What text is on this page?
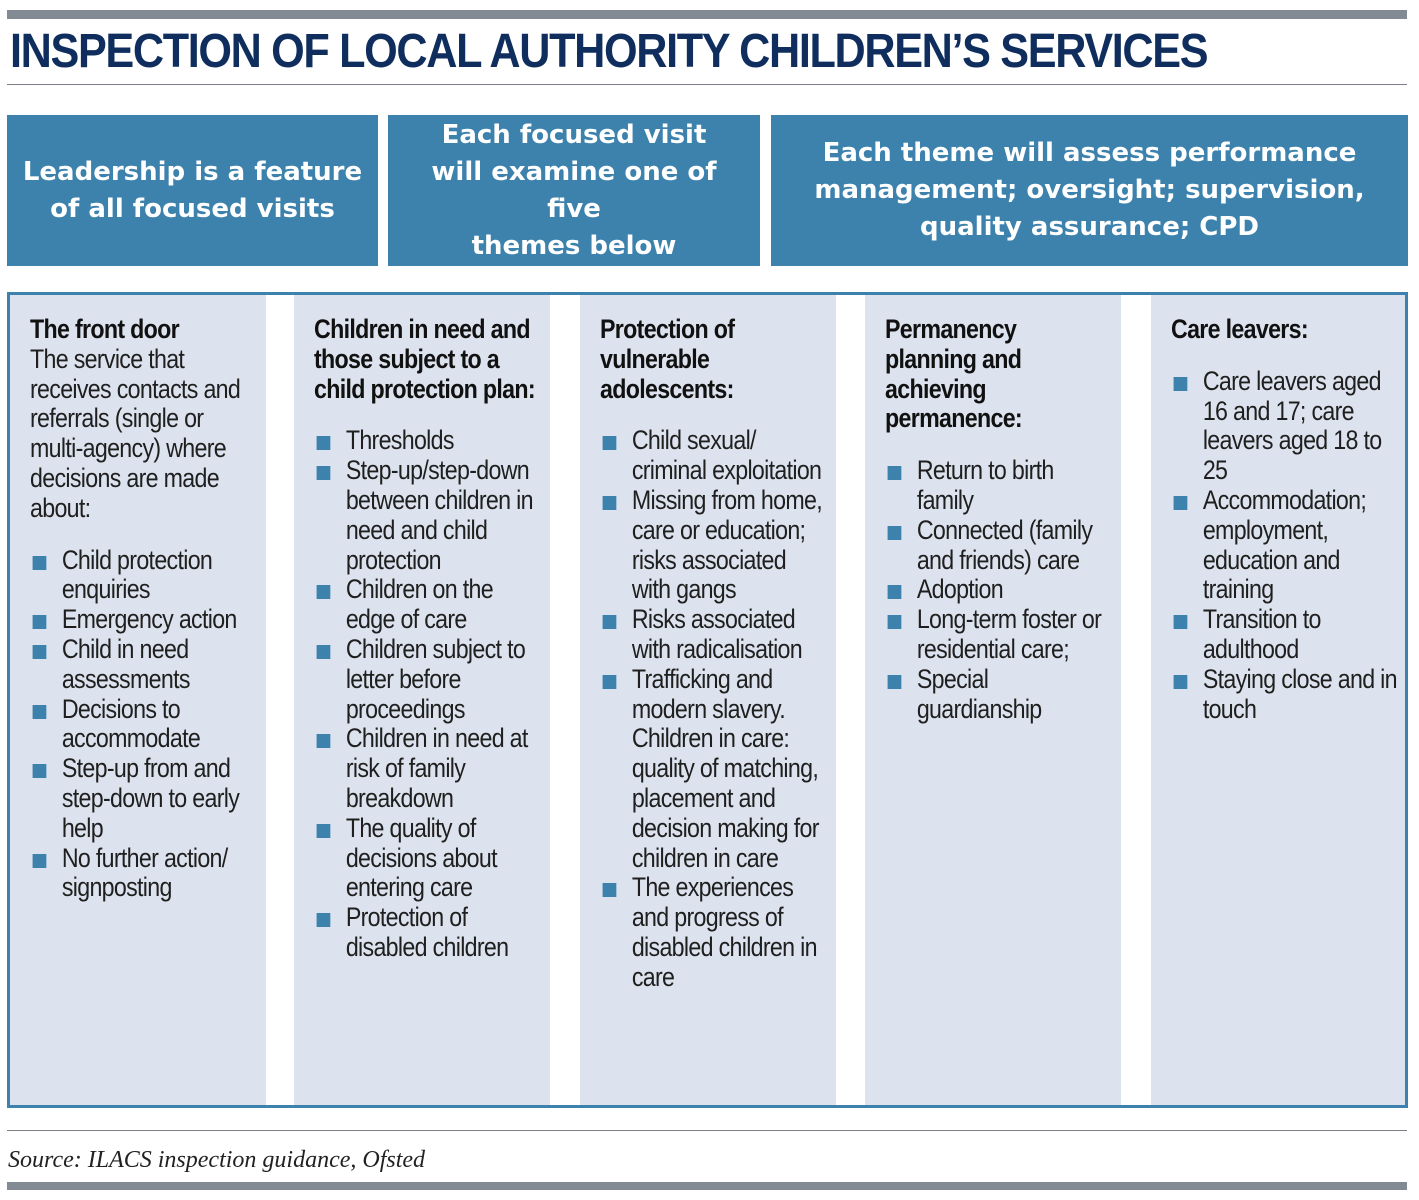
INSPECTION OF LOCAL AUTHORITY CHILDREN’S SERVICES
Leadership is a feature
of all focused visits
Each focused visit
will examine one of five
themes below
Each theme will assess performance
management; oversight; supervision,
quality assurance; CPD
The front door

The service that receives contacts and referrals (single or multi-agency) where decisions are made about:

Child protection enquiries
Emergency action
Child in need assessments
Decisions to accommodate
Step-up from and step-down to early help
No further action/ signposting
Children in need and those subject to a child protection plan:
Thresholds
Step-up/step-down between children in need and child protection
Children on the edge of care
Children subject to letter before proceedings
Children in need at risk of family breakdown
The quality of decisions about entering care
Protection of disabled children
Protection of vulnerable adolescents:
Child sexual/ criminal exploitation
Missing from home, care or education; risks associated with gangs
Risks associated with radicalisation
Trafficking and modern slavery. Children in care: quality of matching, placement and decision making for children in care
The experiences and progress of disabled children in care
Permanency planning and achieving permanence:
Return to birth family
Connected (family and friends) care
Adoption
Long-term foster or residential care;
Special guardianship
Care leavers:
Care leavers aged 16 and 17; care leavers aged 18 to 25
Accommodation; employment, education and training
Transition to adulthood
Staying close and in touch

Source: ILACS inspection guidance, Ofsted
